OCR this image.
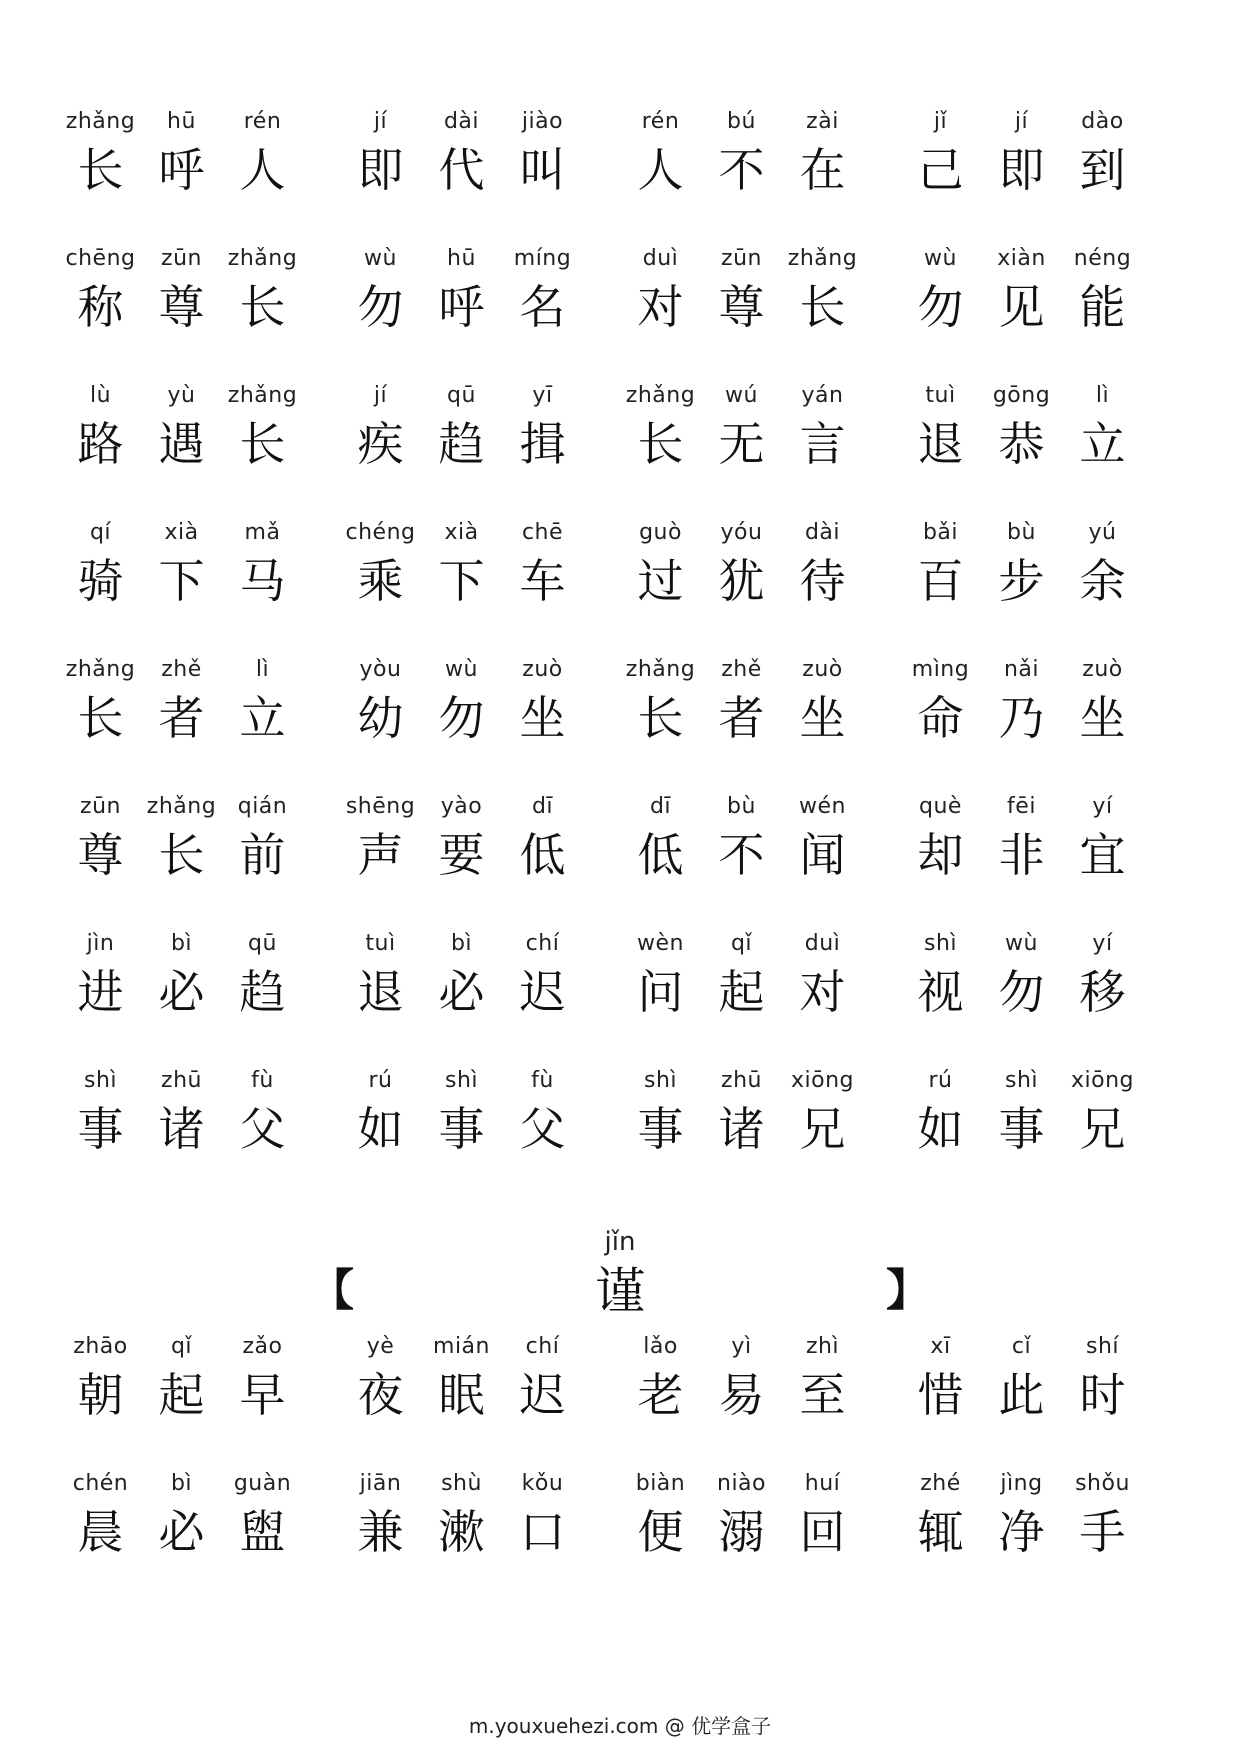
zhǎng
长
hū
呼
rén
人
jí
即
dài
代
jiào
叫
rén
人
bú
不
zài
在
jǐ
己
jí
即
dào
到
chēng
称
zūn
尊
zhǎng
长
wù
勿
hū
呼
míng
名
duì
对
zūn
尊
zhǎng
长
wù
勿
xiàn
见
néng
能
lù
路
yù
遇
zhǎng
长
jí
疾
qū
趋
yī
揖
zhǎng
长
wú
无
yán
言
tuì
退
gōng
恭
lì
立
qí
骑
xià
下
mǎ
马
chéng
乘
xià
下
chē
车
guò
过
yóu
犹
dài
待
bǎi
百
bù
步
yú
余
zhǎng
长
zhě
者
lì
立
yòu
幼
wù
勿
zuò
坐
zhǎng
长
zhě
者
zuò
坐
mìng
命
nǎi
乃
zuò
坐
zūn
尊
zhǎng
长
qián
前
shēng
声
yào
要
dī
低
dī
低
bù
不
wén
闻
què
却
fēi
非
yí
宜
jìn
进
bì
必
qū
趋
tuì
退
bì
必
chí
迟
wèn
问
qǐ
起
duì
对
shì
视
wù
勿
yí
移
shì
事
zhū
诸
fù
父
rú
如
shì
事
fù
父
shì
事
zhū
诸
xiōng
兄
rú
如
shì
事
xiōng
兄
jǐn
【	谨	】
zhāo
朝
qǐ
起
zǎo
早
yè
夜
mián
眠
chí
迟
lǎo
老
yì
易
zhì
至
xī
惜
cǐ
此
shí
时
chén
晨
bì
必
guàn
盥
jiān
兼
shù
漱
kǒu
口
biàn
便
niào
溺
huí
回
zhé
辄
jìng
净
shǒu
手
m.youxuehezi.com @ 优学盒子
